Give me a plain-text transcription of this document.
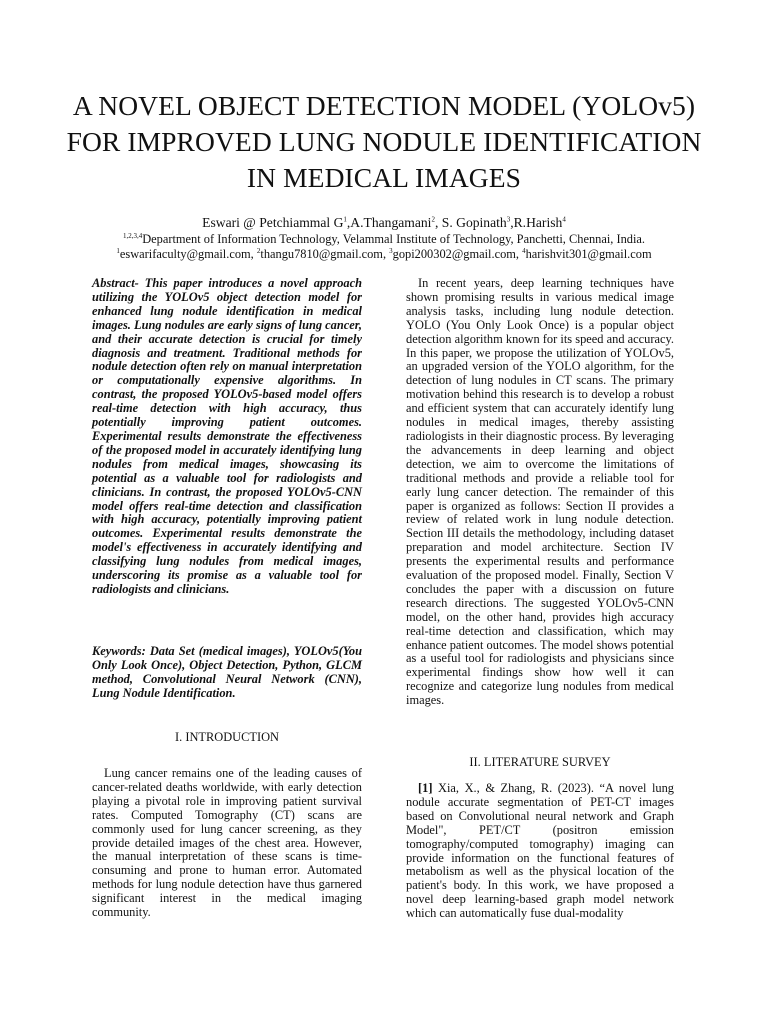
A NOVEL OBJECT DETECTION MODEL (YOLOv5) FOR IMPROVED LUNG NODULE IDENTIFICATION IN MEDICAL IMAGES
Eswari @ Petchiammal $G^1,A.Thangamani^2$, S. Gopinath$^3$,R.Harish$^4$
$^{1,2,3,4}$Department of Information Technology, Velammal Institute of Technology, Panchetti, Chennai, India.
$^1$eswarifaculty@gmail.com, $^2$thangu7810@gmail.com, $^3$gopi200302@gmail.com, $^4$harishvit301@gmail.com

Abstract- This paper introduces a novel approach utilizing the YOLOv5 object detection model for enhanced lung nodule identification in medical images. Lung nodules are early signs of lung cancer, and their accurate detection is crucial for timely diagnosis and treatment. Traditional methods for nodule detection often rely on manual interpretation or computationally expensive algorithms. In contrast, the proposed YOLOv5-based model offers real-time detection with high accuracy, thus potentially improving patient outcomes. Experimental results demonstrate the effectiveness of the proposed model in accurately identifying lung nodules from medical images, showcasing its potential as a valuable tool for radiologists and clinicians. In contrast, the proposed YOLOv5-CNN model offers real-time detection and classification with high accuracy, potentially improving patient outcomes. Experimental results demonstrate the model's effectiveness in accurately identifying and classifying lung nodules from medical images, underscoring its promise as a valuable tool for radiologists and clinicians.

Keywords: Data Set (medical images), YOLOv5(You Only Look Once), Object Detection, Python, GLCM method, Convolutional Neural Network (CNN), Lung Nodule Identification.

I. INTRODUCTION

Lung cancer remains one of the leading causes of cancer-related deaths worldwide, with early detection playing a pivotal role in improving patient survival rates. Computed Tomography (CT) scans are commonly used for lung cancer screening, as they provide detailed images of the chest area. However, the manual interpretation of these scans is time-consuming and prone to human error. Automated methods for lung nodule detection have thus garnered significant interest in the medical imaging community.

In recent years, deep learning techniques have shown promising results in various medical image analysis tasks, including lung nodule detection. YOLO (You Only Look Once) is a popular object detection algorithm known for its speed and accuracy. In this paper, we propose the utilization of YOLOv5, an upgraded version of the YOLO algorithm, for the detection of lung nodules in CT scans. The primary motivation behind this research is to develop a robust and efficient system that can accurately identify lung nodules in medical images, thereby assisting radiologists in their diagnostic process. By leveraging the advancements in deep learning and object detection, we aim to overcome the limitations of traditional methods and provide a reliable tool for early lung cancer detection. The remainder of this paper is organized as follows: Section II provides a review of related work in lung nodule detection. Section III details the methodology, including dataset preparation and model architecture. Section IV presents the experimental results and performance evaluation of the proposed model. Finally, Section V concludes the paper with a discussion on future research directions. The suggested YOLOv5-CNN model, on the other hand, provides high accuracy real-time detection and classification, which may enhance patient outcomes. The model shows potential as a useful tool for radiologists and physicians since experimental findings show how well it can recognize and categorize lung nodules from medical images.

II. LITERATURE SURVEY

[1] Xia, X., & Zhang, R. (2023). “A novel lung nodule accurate segmentation of PET-CT images based on Convolutional neural network and Graph Model", PET/CT (positron emission tomography/computed tomography) imaging can provide information on the functional features of metabolism as well as the physical location of the patient's body. In this work, we have proposed a novel deep learning-based graph model network which can automatically fuse dual-modality
